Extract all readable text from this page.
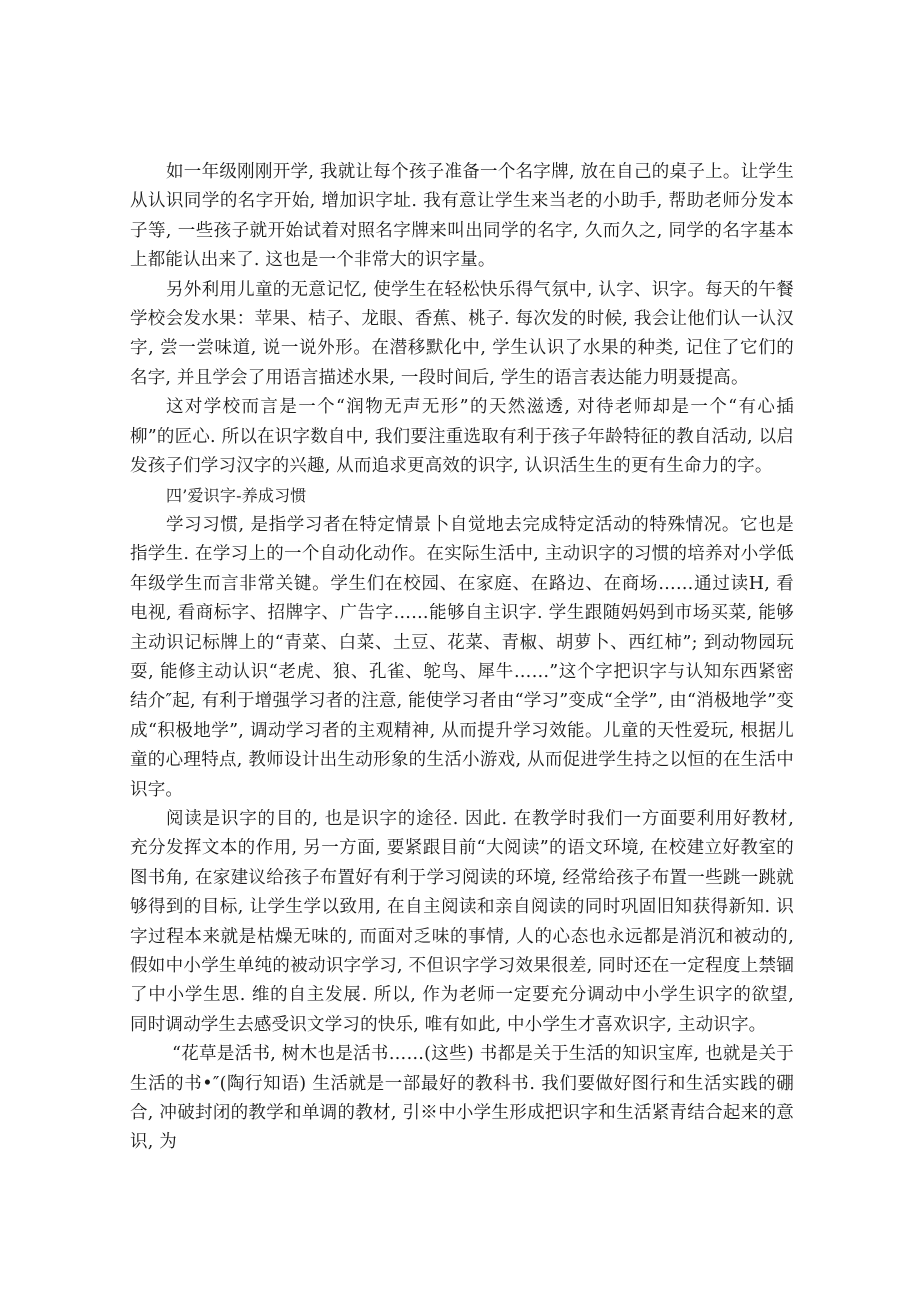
如一年级刚刚开学, 我就让每个孩子准备一个名字牌, 放在自己的桌子上。让学生从认识同学的名字开始, 增加识字址. 我有意让学生来当老的小助手, 帮助老师分发本子等, 一些孩子就开始试着对照名字牌来叫出同学的名字, 久而久之, 同学的名字基本上都能认出来了. 这也是一个非常大的识字量。

另外利用儿童的无意记忆, 使学生在轻松快乐得气氛中, 认字、识字。每天的午餐学校会发水果：苹果、桔子、龙眼、香蕉、桃子. 每次发的时候, 我会让他们认一认汉字, 尝一尝味道, 说一说外形。在潜移默化中, 学生认识了水果的种类, 记住了它们的名字, 并且学会了用语言描述水果, 一段时间后, 学生的语言表达能力明聂提高。

这对学校而言是一个“润物无声无形”的天然滋透, 对待老师却是一个“有心插柳”的匠心. 所以在识字数自中, 我们要注重选取有利于孩子年龄特征的教自活动, 以启发孩子们学习汉字的兴趣, 从而追求更高效的识字, 认识活生生的更有生命力的字。

四’爱识字-养成习惯

学习习惯, 是指学习者在特定情景卜自觉地去完成特定活动的特殊情况。它也是指学生. 在学习上的一个自动化动作。在实际生活中, 主动识字的习惯的培养对小学低年级学生而言非常关键。学生们在校园、在家庭、在路边、在商场……通过读H, 看电视, 看商标字、招牌字、广告字……能够自主识字. 学生跟随妈妈到市场买菜, 能够主动识记标牌上的“青菜、白菜、土豆、花菜、青椒、胡萝卜、西红柿”; 到动物园玩耍, 能修主动认识“老虎、狼、孔雀、鸵鸟、犀牛……”这个字把识字与认知东西紧密结介″起, 有利于增强学习者的注意, 能使学习者由“学习”变成“全学”, 由“消极地学”变成“积极地学”, 调动学习者的主观精神, 从而提升学习效能。儿童的天性爱玩, 根据儿童的心理特点, 教师设计出生动形象的生活小游戏, 从而促进学生持之以恒的在生活中识字。

阅读是识字的目的, 也是识字的途径. 因此. 在教学时我们一方面要利用好教材, 充分发挥文本的作用, 另一方面, 要紧跟目前“大阅读”的语文环境, 在校建立好教室的图书角, 在家建议给孩子布置好有利于学习阅读的环境, 经常给孩子布置一些跳一跳就够得到的目标, 让学生学以致用, 在自主阅读和亲自阅读的同时巩固旧知获得新知. 识字过程本来就是枯燥无味的, 而面对乏味的事情, 人的心态也永远都是消沉和被动的, 假如中小学生单纯的被动识字学习, 不但识字学习效果很差, 同时还在一定程度上禁锢了中小学生思. 维的自主发展. 所以, 作为老师一定要充分调动中小学生识字的欲望, 同时调动学生去感受识文学习的快乐, 唯有如此, 中小学生才喜欢识字, 主动识字。

“花草是活书, 树木也是活书……(这些) 书都是关于生活的知识宝库, 也就是关于生活的书•″(陶行知语) 生活就是一部最好的教科书. 我们要做好图行和生活实践的硼合, 冲破封闭的教学和单调的教材, 引※中小学生形成把识字和生活紧青结合起来的意识, 为
